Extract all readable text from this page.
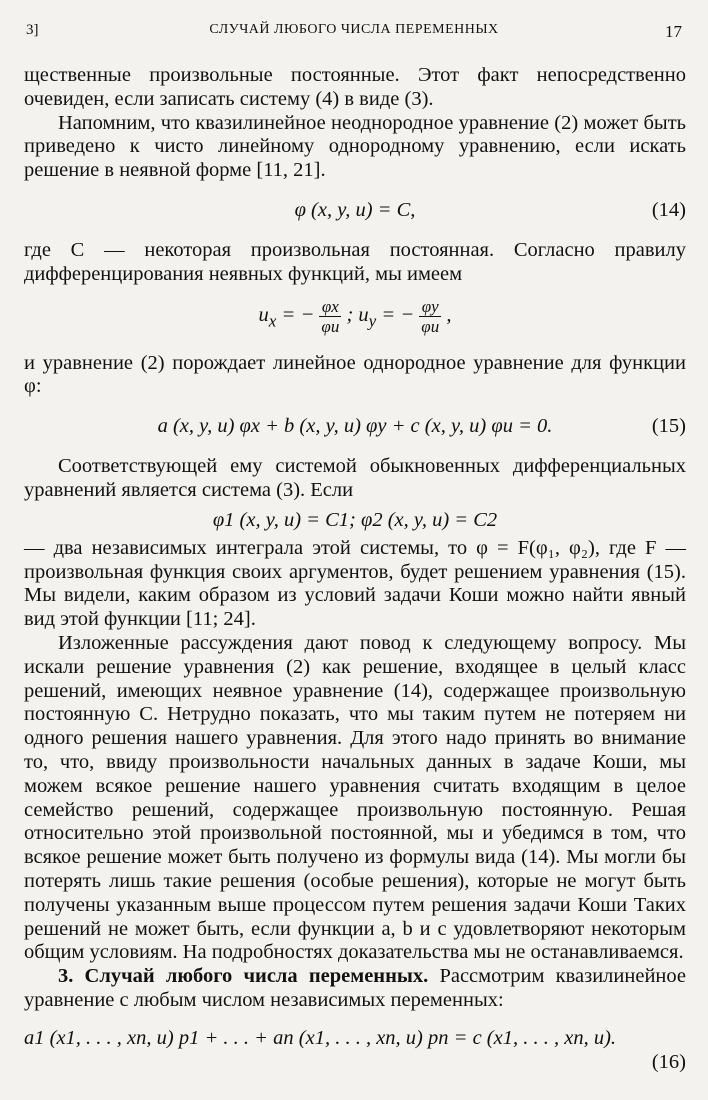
3]	СЛУЧАЙ ЛЮБОГО ЧИСЛА ПЕРЕМЕННЫХ	17

щественные произвольные постоянные. Этот факт непосредственно очевиден, если записать систему (4) в виде (3).

Напомним, что квазилинейное неоднородное уравнение (2) может быть приведено к чисто линейному однородному уравнению, если искать решение в неявной форме [11, 21].

φ (x, y, u) = C,	(14)

где C — некоторая произвольная постоянная. Согласно правилу дифференцирования неявных функций, мы имеем

$u_x$ = − $\frac{\varphi x}{\varphi u}$ ; $u_y$ = − $\frac{\varphi y}{\varphi u}$ ,

и уравнение (2) порождает линейное однородное уравнение для функции φ:

a (x, y, u) φx + b (x, y, u) φy + c (x, y, u) φu = 0.	(15)

Соответствующей ему системой обыкновенных дифференциальных уравнений является система (3). Если

φ1 (x, y, u) = C1; φ2 (x, y, u) = C2

— два независимых интеграла этой системы, то φ = F(φ₁, φ₂), где F — произвольная функция своих аргументов, будет решением уравнения (15). Мы видели, каким образом из условий задачи Коши можно найти явный вид этой функции [11; 24].

Изложенные рассуждения дают повод к следующему вопросу. Мы искали решение уравнения (2) как решение, входящее в целый класс решений, имеющих неявное уравнение (14), содержащее произвольную постоянную C. Нетрудно показать, что мы таким путем не потеряем ни одного решения нашего уравнения. Для этого надо принять во внимание то, что, ввиду произвольности начальных данных в задаче Коши, мы можем всякое решение нашего уравнения считать входящим в целое семейство решений, содержащее произвольную постоянную. Решая относительно этой произвольной постоянной, мы и убедимся в том, что всякое решение может быть получено из формулы вида (14). Мы могли бы потерять лишь такие решения (особые решения), которые не могут быть получены указанным выше процессом путем решения задачи Коши Таких решений не может быть, если функции a, b и c удовлетворяют некоторым общим условиям. На подробностях доказательства мы не останавливаемся.

3. Случай любого числа переменных. Рассмотрим квазилинейное уравнение с любым числом независимых переменных:

a1 (x1, . . . , xn, u) p1 + . . . + an (x1, . . . , xn, u) pn = c (x1, . . . , xn, u).
(16)
